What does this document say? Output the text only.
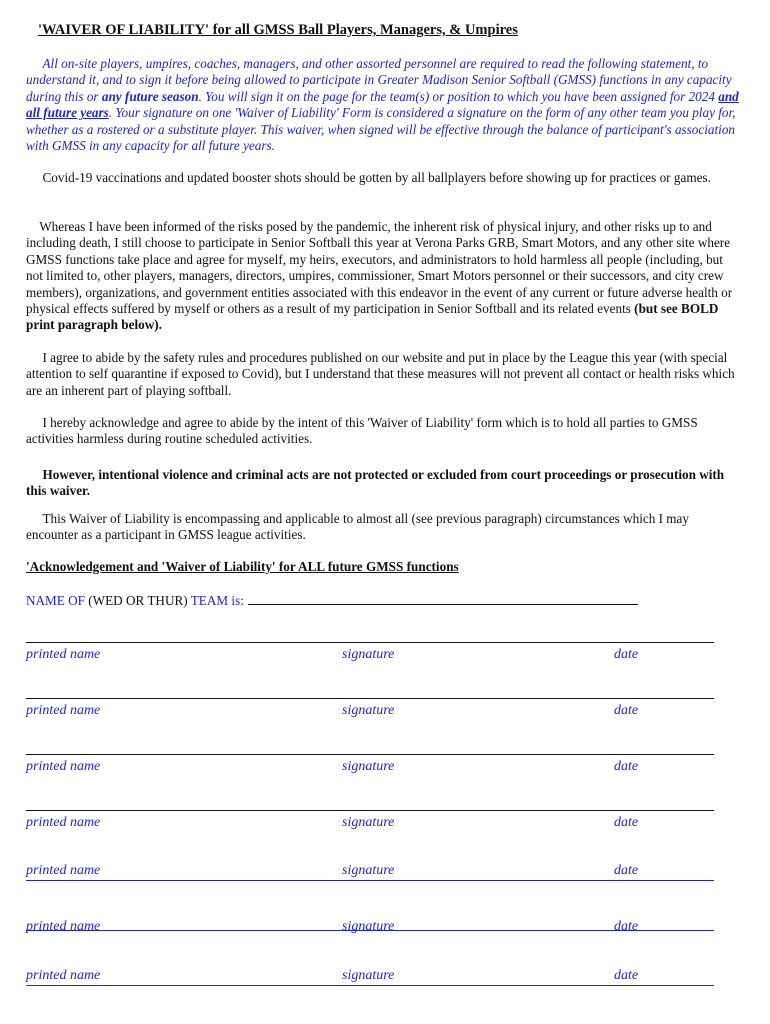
'WAIVER OF LIABILITY' for all GMSS Ball Players, Managers, & Umpires
All on-site players, umpires, coaches, managers, and other assorted personnel are required to read the following statement, to understand it, and to sign it before being allowed to participate in Greater Madison Senior Softball (GMSS) functions in any capacity during this or any future season. You will sign it on the page for the team(s) or position to which you have been assigned for 2024 and all future years. Your signature on one 'Waiver of Liability' Form is considered a signature on the form of any other team you play for, whether as a rostered or a substitute player. This waiver, when signed will be effective through the balance of participant's association with GMSS in any capacity for all future years.
Covid-19 vaccinations and updated booster shots should be gotten by all ballplayers before showing up for practices or games.
Whereas I have been informed of the risks posed by the pandemic, the inherent risk of physical injury, and other risks up to and including death, I still choose to participate in Senior Softball this year at Verona Parks GRB, Smart Motors, and any other site where GMSS functions take place and agree for myself, my heirs, executors, and administrators to hold harmless all people (including, but not limited to, other players, managers, directors, umpires, commissioner, Smart Motors personnel or their successors, and city crew members), organizations, and government entities associated with this endeavor in the event of any current or future adverse health or physical effects suffered by myself or others as a result of my participation in Senior Softball and its related events (but see BOLD print paragraph below).
I agree to abide by the safety rules and procedures published on our website and put in place by the League this year (with special attention to self quarantine if exposed to Covid), but I understand that these measures will not prevent all contact or health risks which are an inherent part of playing softball.
I hereby acknowledge and agree to abide by the intent of this 'Waiver of Liability' form which is to hold all parties to GMSS activities harmless during routine scheduled activities.
However, intentional violence and criminal acts are not protected or excluded from court proceedings or prosecution with this waiver.
This Waiver of Liability is encompassing and applicable to almost all (see previous paragraph) circumstances which I may encounter as a participant in GMSS league activities.
'Acknowledgement and 'Waiver of Liability' for ALL future GMSS functions
NAME OF (WED OR THUR) TEAM is:
printed name	signature	date
printed name	signature	date
printed name	signature	date
printed name	signature	date
printed name	signature	date
printed name	signature	date
printed name	signature	date
